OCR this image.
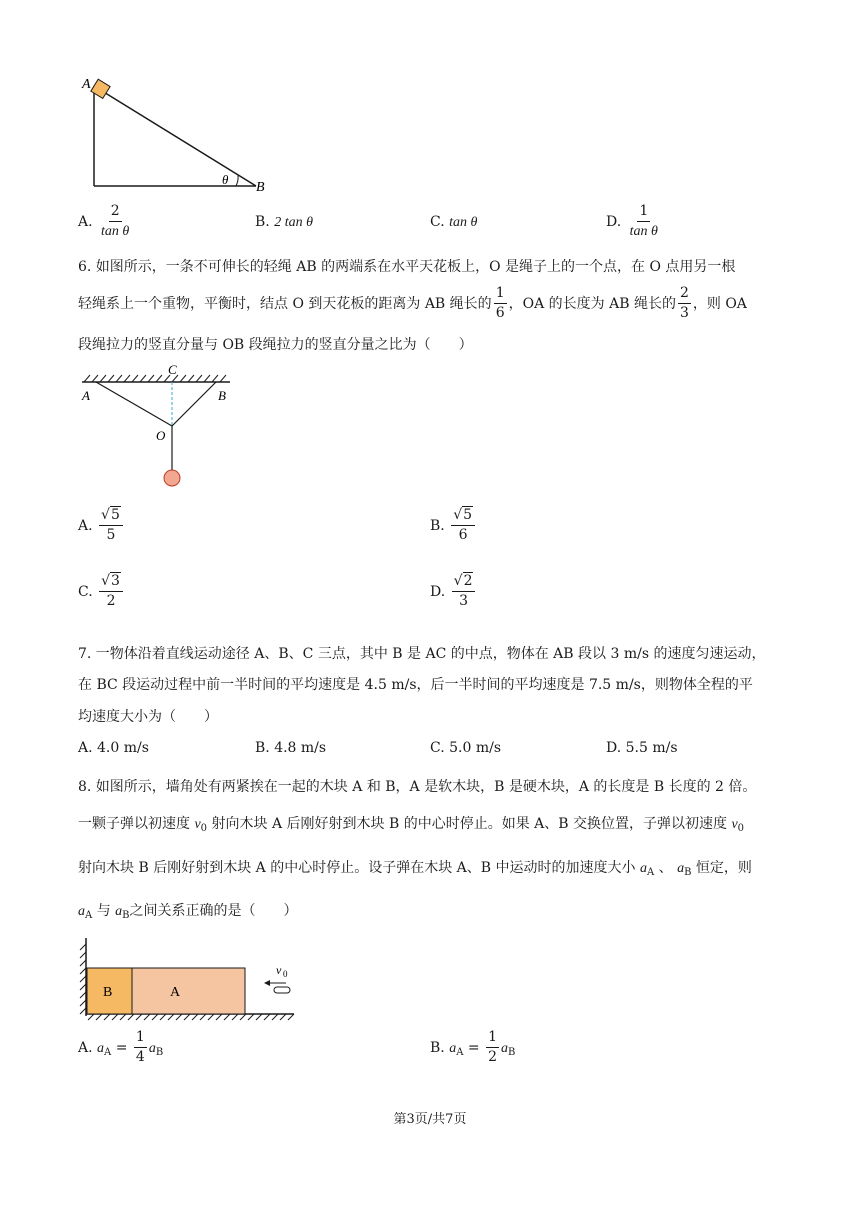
A
B
θ
A. $\frac{2}{\text{tan θ}}$	B. 2 tan θ	C. tan θ	D. $\frac{1}{\text{tan θ}}$
6. 如图所示，一条不可伸长的轻绳 AB 的两端系在水平天花板上，O 是绳子上的一个点，在 O 点用另一根
轻绳系上一个重物，平衡时，结点 O 到天花板的距离为 AB 绳长的 $\frac{1}{6}$ ，OA 的长度为 AB 绳长的 $\frac{2}{3}$ ，则 OA
段绳拉力的竖直分量与 OB 段绳拉力的竖直分量之比为（　　）
C
A	B
O
A. $\frac{√5}{5}$	B. $\frac{√5}{6}$
C. $\frac{√3}{2}$	D. $\frac{√2}{3}$
7. 一物体沿着直线运动途径 A、B、C 三点，其中 B 是 AC 的中点，物体在 AB 段以 3 m/s 的速度匀速运动，
在 BC 段运动过程中前一半时间的平均速度是 4.5 m/s，后一半时间的平均速度是 7.5 m/s，则物体全程的平
均速度大小为（　　）
A. 4.0 m/s	B. 4.8 m/s	C. 5.0 m/s	D. 5.5 m/s
8. 如图所示，墙角处有两紧挨在一起的木块 A 和 B，A 是软木块，B 是硬木块，A 的长度是 B 长度的 2 倍。
一颗子弹以初速度 $v_0$ 射向木块 A 后刚好射到木块 B 的中心时停止。如果 A、B 交换位置，子弹以初速度 $v_0$
射向木块 B 后刚好射到木块 A 的中心时停止。设子弹在木块 A、B 中运动时的加速度大小 $a_A$ 、 $a_B$ 恒定，则
$a_A$ 与 $a_B$之间关系正确的是（　　）
B	A
v 0
A. $a_A = \frac{1}{4} a_B$	B. $a_A = \frac{1}{2} a_B$
第3页/共7页
